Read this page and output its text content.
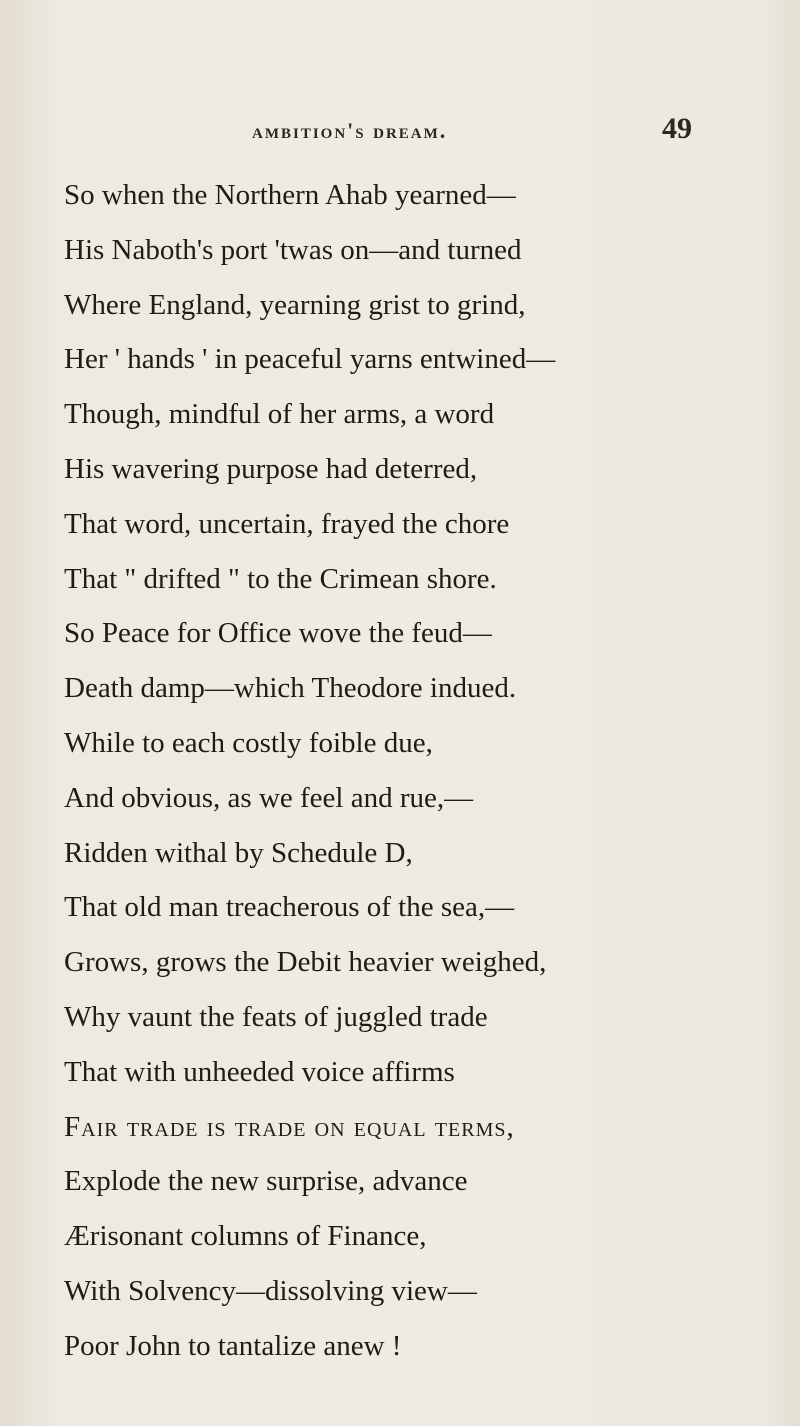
ambition's dream.	49
So when the Northern Ahab yearned—
His Naboth's port 'twas on—and turned
Where England, yearning grist to grind,
Her ' hands ' in peaceful yarns entwined—
Though, mindful of her arms, a word
His wavering purpose had deterred,
That word, uncertain, frayed the chore
That " drifted " to the Crimean shore.
So Peace for Office wove the feud—
Death damp—which Theodore indued.
While to each costly foible due,
And obvious, as we feel and rue,—
Ridden withal by Schedule D,
That old man treacherous of the sea,—
Grows, grows the Debit heavier weighed,
Why vaunt the feats of juggled trade
That with unheeded voice affirms
Fair trade is trade on equal terms,
Explode the new surprise, advance
Ærisonant columns of Finance,
With Solvency—dissolving view—
Poor John to tantalize anew !
